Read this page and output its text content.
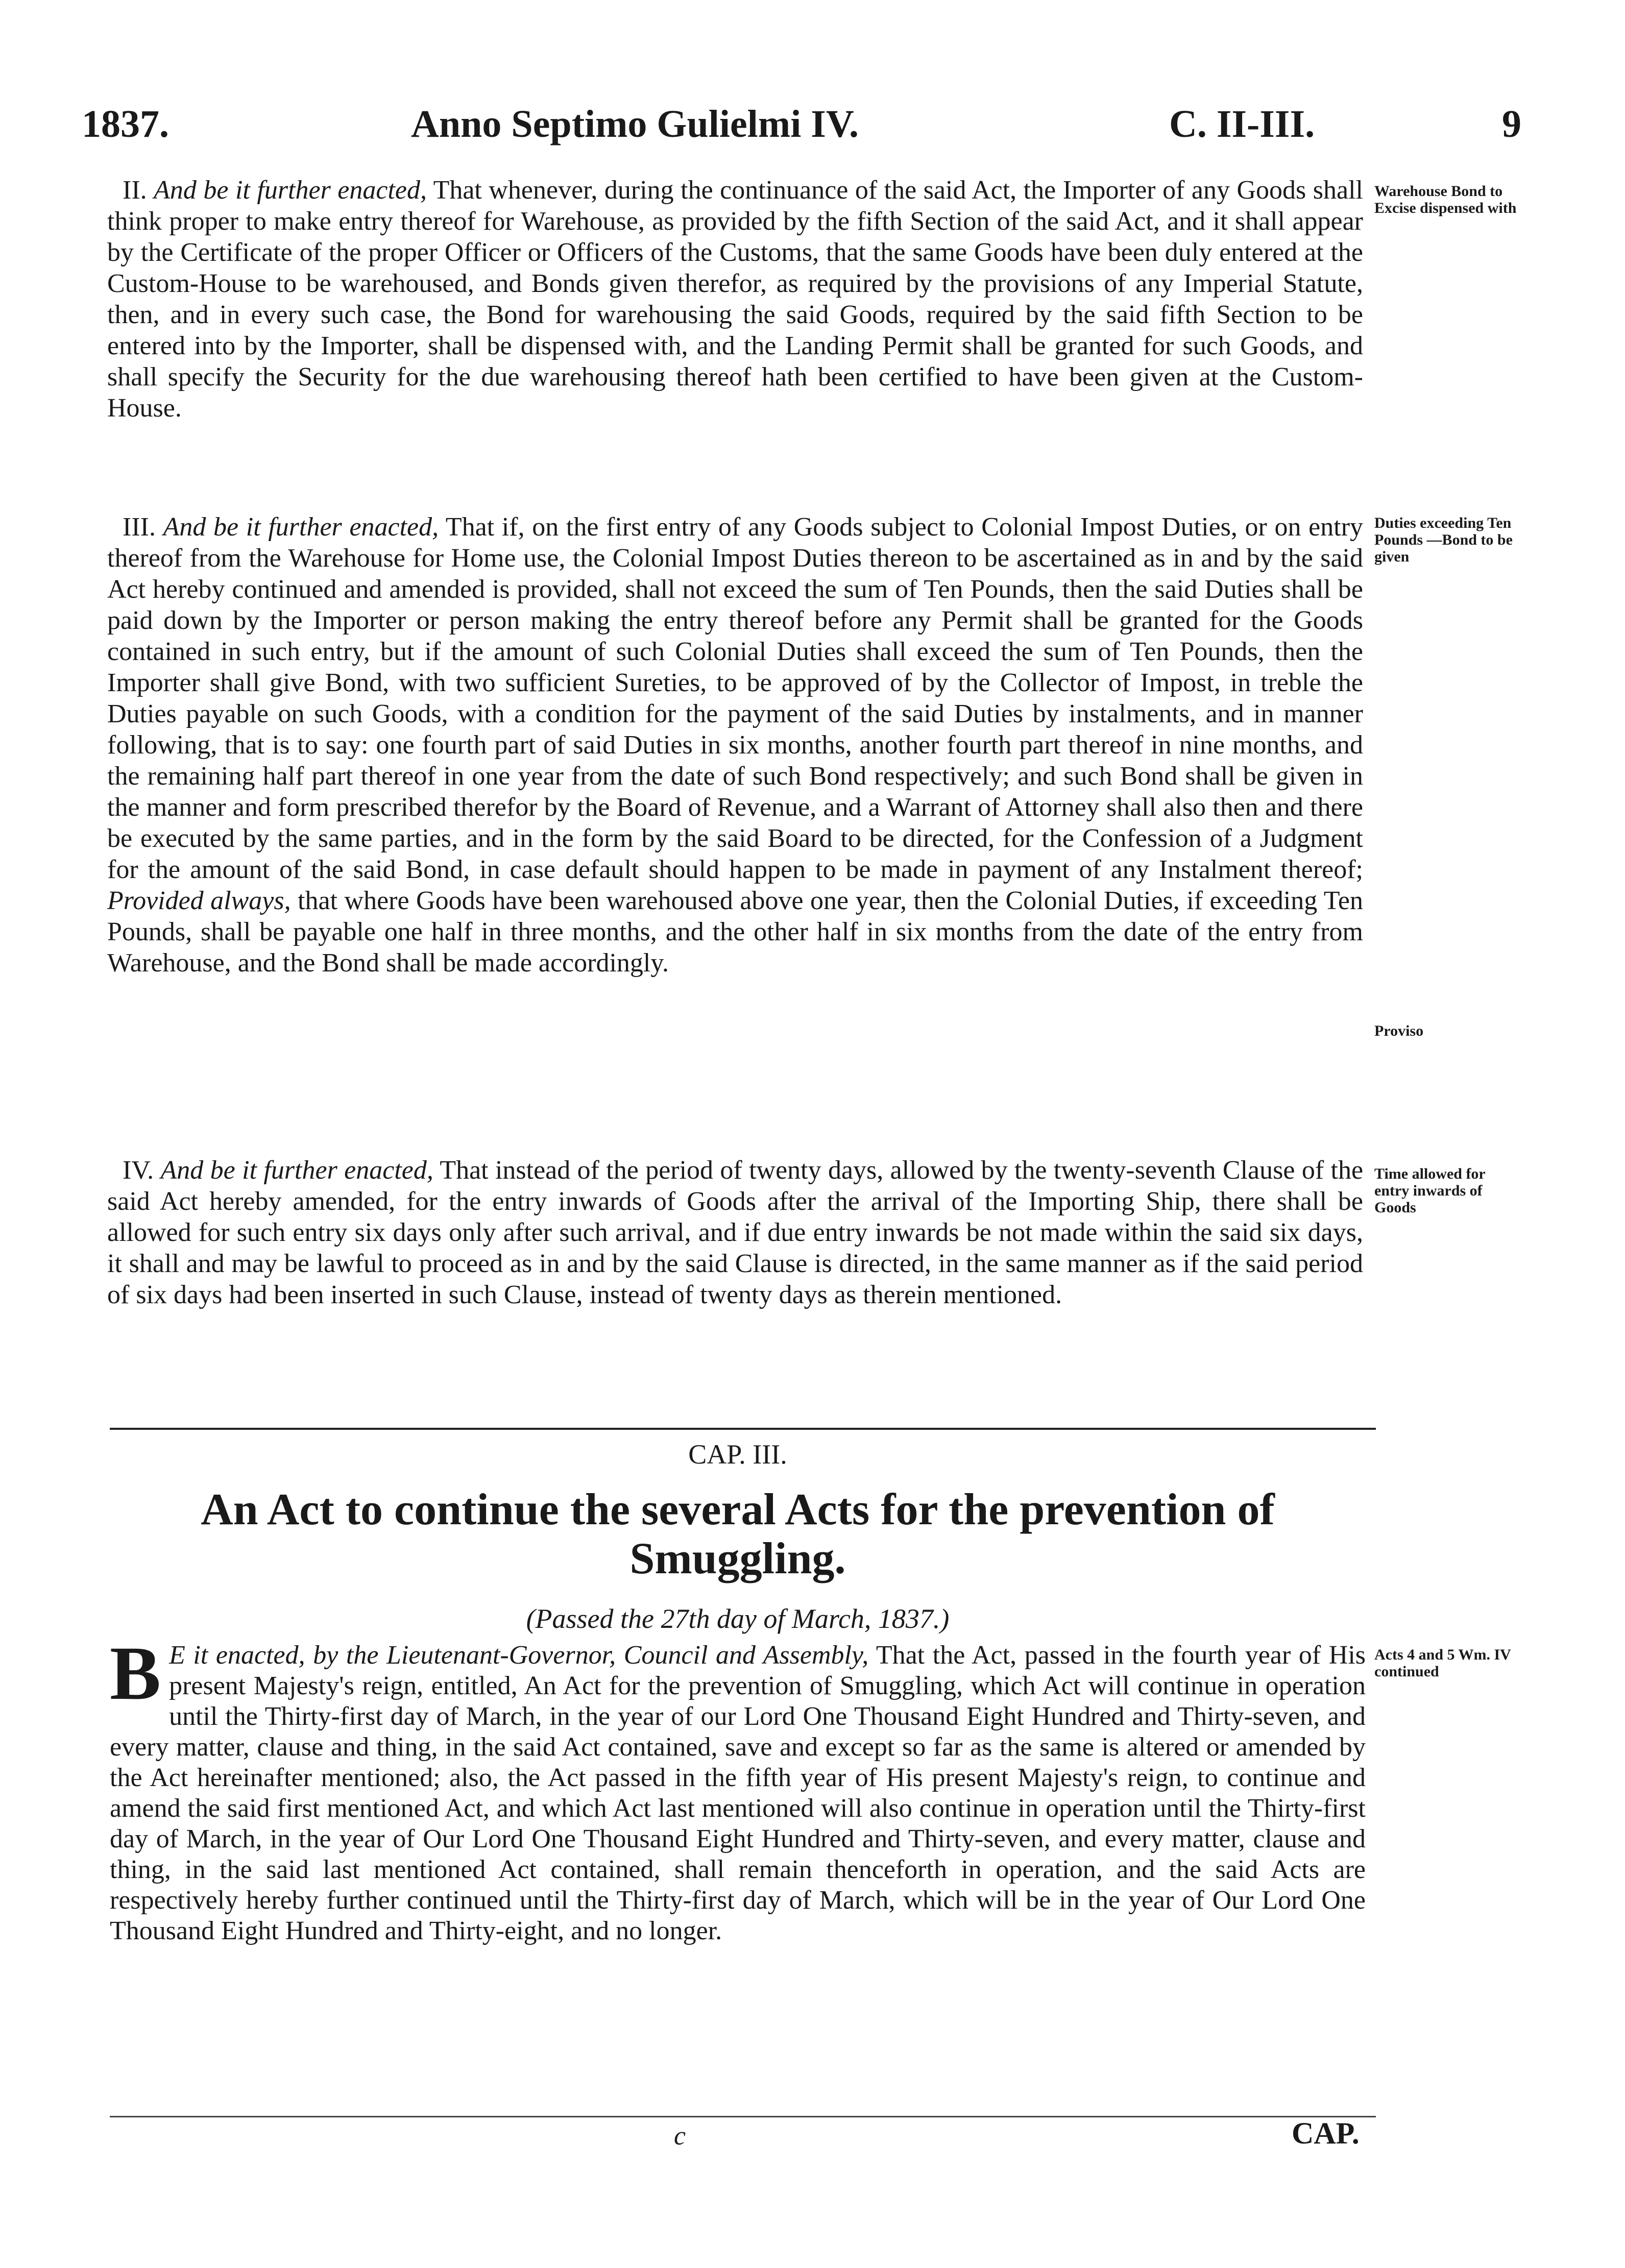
1837.	Anno Septimo Gulielmi IV.	C. II-III.	9

II. And be it further enacted, That whenever, during the continuance of the said Act, the Importer of any Goods shall think proper to make entry thereof for Warehouse, as provided by the fifth Section of the said Act, and it shall appear by the Certificate of the proper Officer or Officers of the Customs, that the same Goods have been duly entered at the Custom-House to be warehoused, and Bonds given therefor, as required by the provisions of any Imperial Statute, then, and in every such case, the Bond for warehousing the said Goods, required by the said fifth Section to be entered into by the Importer, shall be dispensed with, and the Landing Permit shall be granted for such Goods, and shall specify the Security for the due warehousing thereof hath been certified to have been given at the Custom-House.

Warehouse Bond to Excise dispensed with

III. And be it further enacted, That if, on the first entry of any Goods subject to Colonial Impost Duties, or on entry thereof from the Warehouse for Home use, the Colonial Impost Duties thereon to be ascertained as in and by the said Act hereby continued and amended is provided, shall not exceed the sum of Ten Pounds, then the said Duties shall be paid down by the Importer or person making the entry thereof before any Permit shall be granted for the Goods contained in such entry, but if the amount of such Colonial Duties shall exceed the sum of Ten Pounds, then the Importer shall give Bond, with two sufficient Sureties, to be approved of by the Collector of Impost, in treble the Duties payable on such Goods, with a condition for the payment of the said Duties by instalments, and in manner following, that is to say: one fourth part of said Duties in six months, another fourth part thereof in nine months, and the remaining half part thereof in one year from the date of such Bond respectively; and such Bond shall be given in the manner and form prescribed therefor by the Board of Revenue, and a Warrant of Attorney shall also then and there be executed by the same parties, and in the form by the said Board to be directed, for the Confession of a Judgment for the amount of the said Bond, in case default should happen to be made in payment of any Instalment thereof; Provided always, that where Goods have been warehoused above one year, then the Colonial Duties, if exceeding Ten Pounds, shall be payable one half in three months, and the other half in six months from the date of the entry from Warehouse, and the Bond shall be made accordingly.

Duties exceeding Ten Pounds —Bond to be given
Proviso

IV. And be it further enacted, That instead of the period of twenty days, allowed by the twenty-seventh Clause of the said Act hereby amended, for the entry inwards of Goods after the arrival of the Importing Ship, there shall be allowed for such entry six days only after such arrival, and if due entry inwards be not made within the said six days, it shall and may be lawful to proceed as in and by the said Clause is directed, in the same manner as if the said period of six days had been inserted in such Clause, instead of twenty days as therein mentioned.

Time allowed for entry inwards of Goods
CAP. III.
An Act to continue the several Acts for the prevention of Smuggling.
(Passed the 27th day of March, 1837.)
B E it enacted, by the Lieutenant-Governor, Council and Assembly, That the Act, passed in the fourth year of His present Majesty's reign, entitled, An Act for the prevention of Smuggling, which Act will continue in operation until the Thirty-first day of March, in the year of our Lord One Thousand Eight Hundred and Thirty-seven, and every matter, clause and thing, in the said Act contained, save and except so far as the same is altered or amended by the Act hereinafter mentioned; also, the Act passed in the fifth year of His present Majesty's reign, to continue and amend the said first mentioned Act, and which Act last mentioned will also continue in operation until the Thirty-first day of March, in the year of Our Lord One Thousand Eight Hundred and Thirty-seven, and every matter, clause and thing, in the said last mentioned Act contained, shall remain thenceforth in operation, and the said Acts are respectively hereby further continued until the Thirty-first day of March, which will be in the year of Our Lord One Thousand Eight Hundred and Thirty-eight, and no longer.
Acts 4 and 5 Wm. IV continued
c	CAP.
